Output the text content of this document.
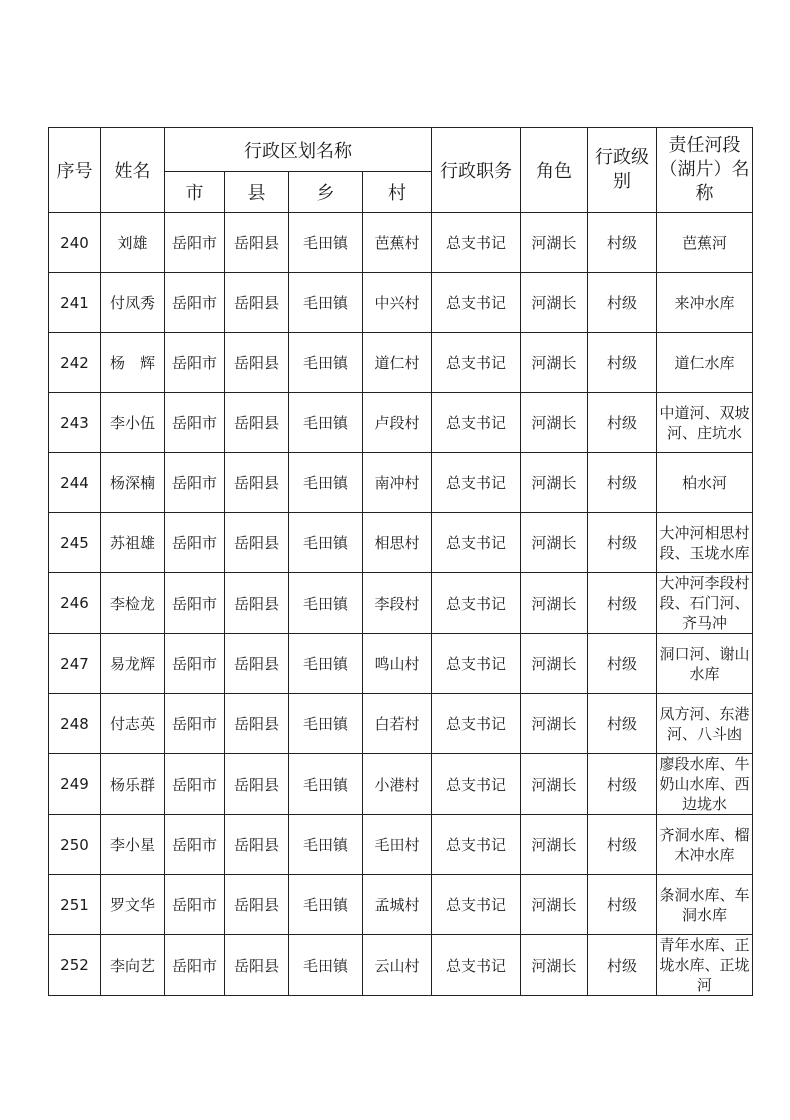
序号	姓名	行政区划名称				行政职务	角色	行政级别	责任河段（湖片）名称
		市	县	乡	村				
240	刘雄	岳阳市	岳阳县	毛田镇	芭蕉村	总支书记	河湖长	村级	芭蕉河
241	付凤秀	岳阳市	岳阳县	毛田镇	中兴村	总支书记	河湖长	村级	来冲水库
242	杨　辉	岳阳市	岳阳县	毛田镇	道仁村	总支书记	河湖长	村级	道仁水库
243	李小伍	岳阳市	岳阳县	毛田镇	卢段村	总支书记	河湖长	村级	中道河、双坡河、庄坑水
244	杨深楠	岳阳市	岳阳县	毛田镇	南冲村	总支书记	河湖长	村级	柏水河
245	苏祖雄	岳阳市	岳阳县	毛田镇	相思村	总支书记	河湖长	村级	大冲河相思村段、玉垅水库
246	李检龙	岳阳市	岳阳县	毛田镇	李段村	总支书记	河湖长	村级	大冲河李段村段、石门河、齐马冲
247	易龙辉	岳阳市	岳阳县	毛田镇	鸣山村	总支书记	河湖长	村级	洞口河、谢山水库
248	付志英	岳阳市	岳阳县	毛田镇	白若村	总支书记	河湖长	村级	凤方河、东港河、八斗凼
249	杨乐群	岳阳市	岳阳县	毛田镇	小港村	总支书记	河湖长	村级	廖段水库、牛奶山水库、西边垅水
250	李小星	岳阳市	岳阳县	毛田镇	毛田村	总支书记	河湖长	村级	齐洞水库、榴木冲水库
251	罗文华	岳阳市	岳阳县	毛田镇	孟城村	总支书记	河湖长	村级	条洞水库、车洞水库
252	李向艺	岳阳市	岳阳县	毛田镇	云山村	总支书记	河湖长	村级	青年水库、正垅水库、正垅河
